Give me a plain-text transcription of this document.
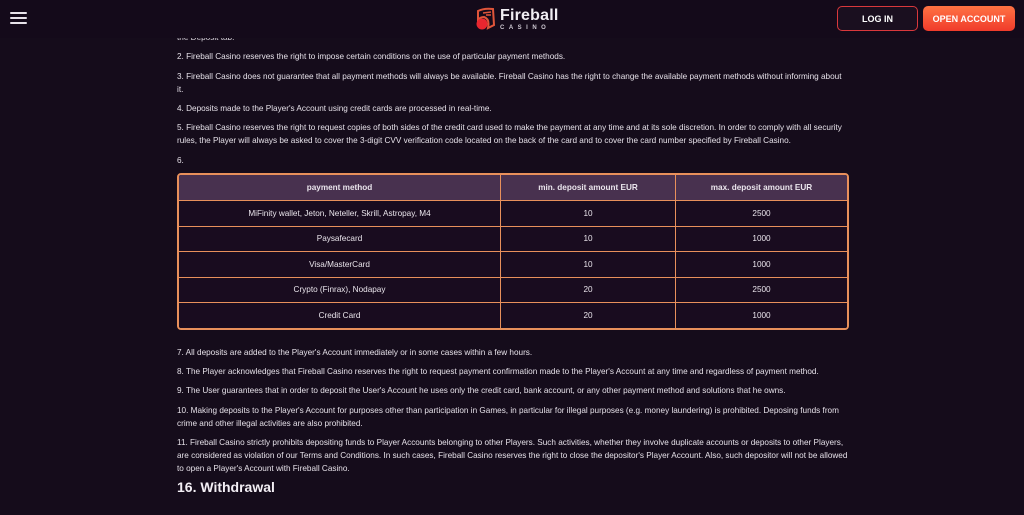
2. Fireball Casino reserves the right to impose certain conditions on the use of particular payment methods.

3. Fireball Casino does not guarantee that all payment methods will always be available. Fireball Casino has the right to change the available payment methods without informing about it.

4. Deposits made to the Player's Account using credit cards are processed in real-time.

5. Fireball Casino reserves the right to request copies of both sides of the credit card used to make the payment at any time and at its sole discretion. In order to comply with all security rules, the Player will always be asked to cover the 3-digit CVV verification code located on the back of the card and to cover the card number specified by Fireball Casino.

6.

payment method	min. deposit amount EUR	max. deposit amount EUR
MiFinity wallet, Jeton, Neteller, Skrill, Astropay, M4	10	2500
Paysafecard	10	1000
Visa/MasterCard	10	1000
Crypto (Finrax), Nodapay	20	2500
Credit Card	20	1000

7. All deposits are added to the Player's Account immediately or in some cases within a few hours.

8. The Player acknowledges that Fireball Casino reserves the right to request payment confirmation made to the Player's Account at any time and regardless of payment method.

9. The User guarantees that in order to deposit the User's Account he uses only the credit card, bank account, or any other payment method and solutions that he owns.

10. Making deposits to the Player's Account for purposes other than participation in Games, in particular for illegal purposes (e.g. money laundering) is prohibited. Deposing funds from crime and other illegal activities are also prohibited.

11. Fireball Casino strictly prohibits depositing funds to Player Accounts belonging to other Players. Such activities, whether they involve duplicate accounts or deposits to other Players, are considered as violation of our Terms and Conditions. In such cases, Fireball Casino reserves the right to close the depositor's Player Account. Also, such depositor will not be allowed to open a Player's Account with Fireball Casino.

16. Withdrawal
Fireball
CASINO
LOG IN	OPEN ACCOUNT
